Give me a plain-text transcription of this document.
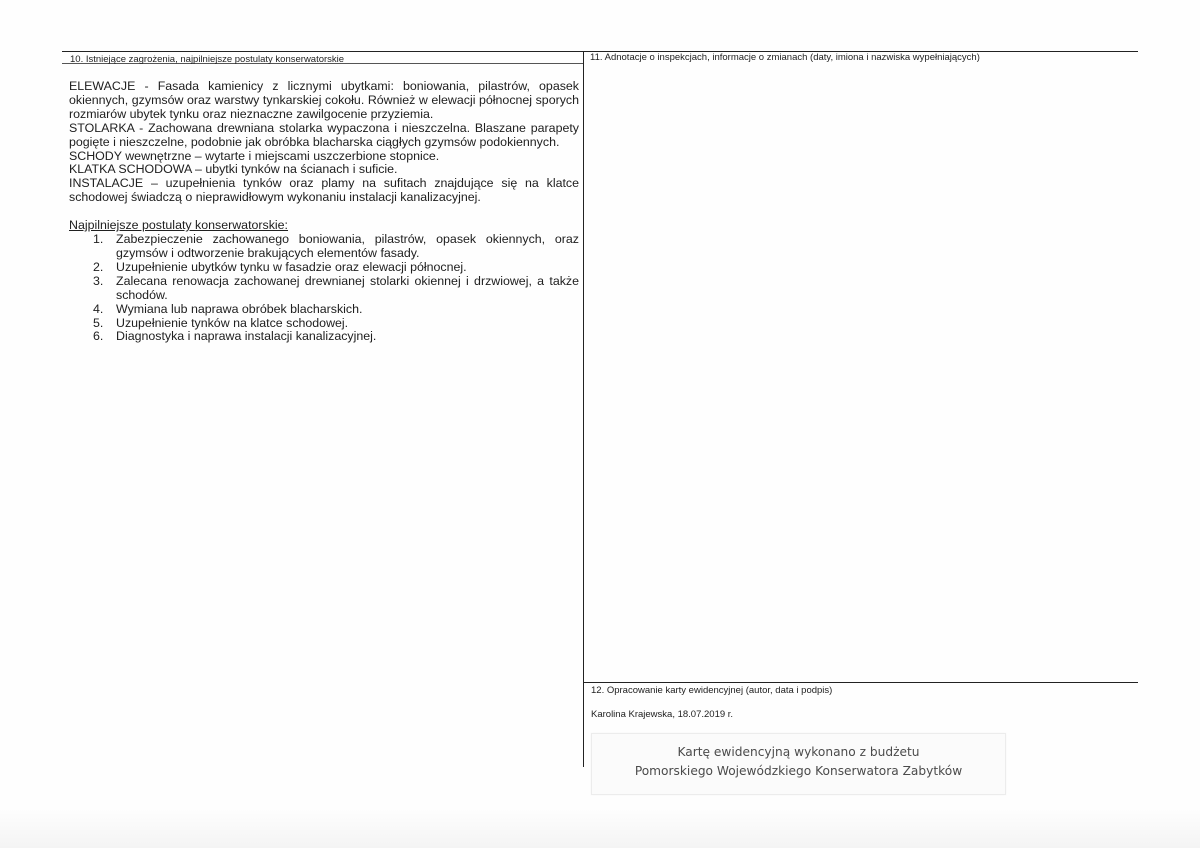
10. Istniejące zagrożenia, najpilniejsze postulaty konserwatorskie	11. Adnotacje o inspekcjach, informacje o zmianach (daty, imiona i nazwiska wypełniających)
12. Opracowanie karty ewidencyjnej (autor, data i podpis)

ELEWACJE - Fasada kamienicy z licznymi ubytkami: boniowania, pilastrów, opasek okiennych, gzymsów oraz warstwy tynkarskiej cokołu. Również w elewacji północnej sporych rozmiarów ubytek tynku oraz nieznaczne zawilgocenie przyziemia.

STOLARKA - Zachowana drewniana stolarka wypaczona i nieszczelna. Blaszane parapety pogięte i nieszczelne, podobnie jak obróbka blacharska ciągłych gzymsów podokiennych.

SCHODY wewnętrzne – wytarte i miejscami uszczerbione stopnice.

KLATKA SCHODOWA – ubytki tynków na ścianach i suficie.

INSTALACJE – uzupełnienia tynków oraz plamy na sufitach znajdujące się na klatce schodowej świadczą o nieprawidłowym wykonaniu instalacji kanalizacyjnej.

Najpilniejsze postulaty konserwatorskie:

1. Zabezpieczenie zachowanego boniowania, pilastrów, opasek okiennych, oraz gzymsów i odtworzenie brakujących elementów fasady.
2. Uzupełnienie ubytków tynku w fasadzie oraz elewacji północnej.
3. Zalecana renowacja zachowanej drewnianej stolarki okiennej i drzwiowej, a także schodów.
4. Wymiana lub naprawa obróbek blacharskich.
5. Uzupełnienie tynków na klatce schodowej.
6. Diagnostyka i naprawa instalacji kanalizacyjnej.
Karolina Krajewska, 18.07.2019 r.
Kartę ewidencyjną wykonano z budżetu
Pomorskiego Wojewódzkiego Konserwatora Zabytków
